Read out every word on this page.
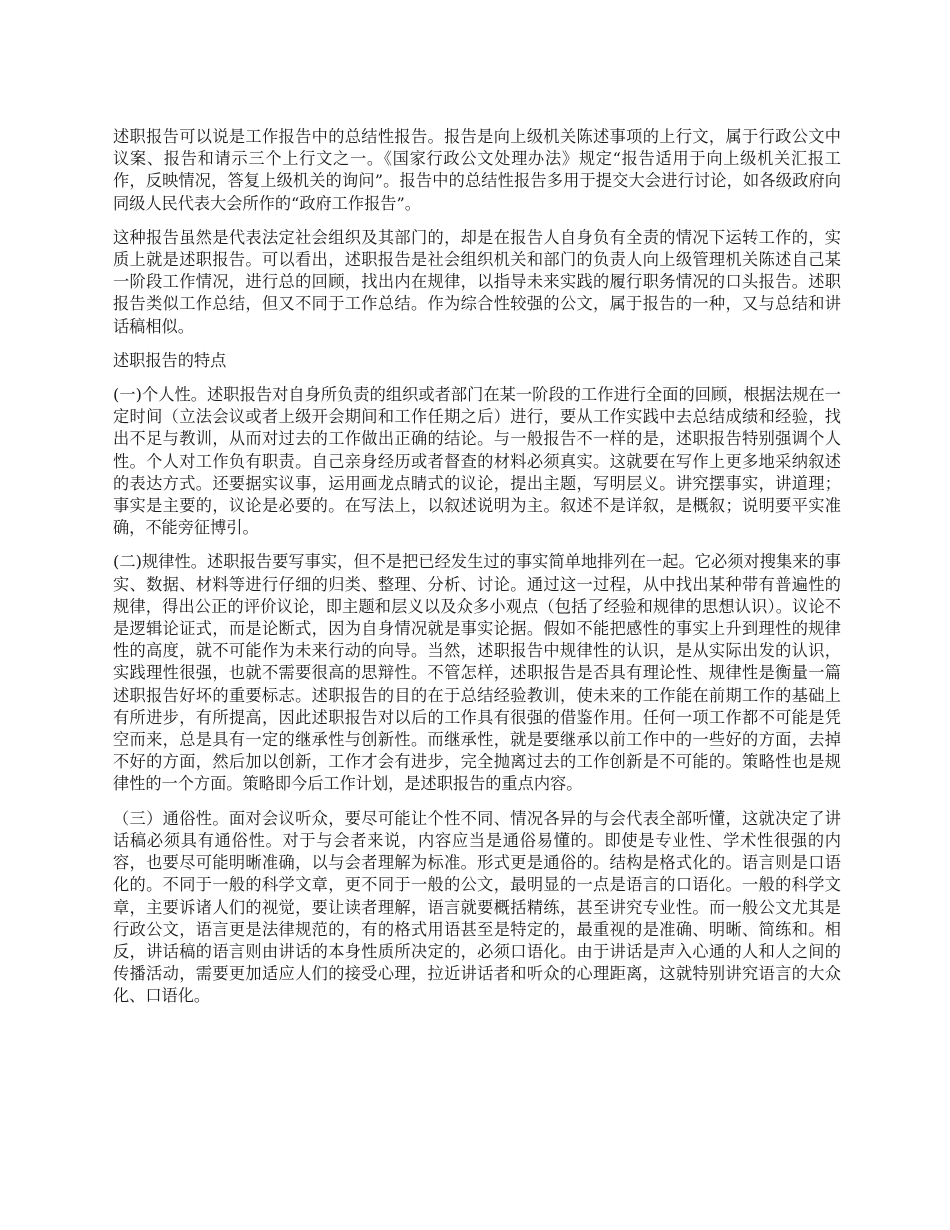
述职报告可以说是工作报告中的总结性报告。报告是向上级机关陈述事项的上行文，属于行政公文中议案、报告和请示三个上行文之一。《国家行政公文处理办法》规定“报告适用于向上级机关汇报工作，反映情况，答复上级机关的询问”。报告中的总结性报告多用于提交大会进行讨论，如各级政府向同级人民代表大会所作的“政府工作报告”。

这种报告虽然是代表法定社会组织及其部门的，却是在报告人自身负有全责的情况下运转工作的，实质上就是述职报告。可以看出，述职报告是社会组织机关和部门的负责人向上级管理机关陈述自己某一阶段工作情况，进行总的回顾，找出内在规律，以指导未来实践的履行职务情况的口头报告。述职报告类似工作总结，但又不同于工作总结。作为综合性较强的公文，属于报告的一种，又与总结和讲话稿相似。

述职报告的特点

(一)个人性。述职报告对自身所负责的组织或者部门在某一阶段的工作进行全面的回顾，根据法规在一定时间（立法会议或者上级开会期间和工作任期之后）进行，要从工作实践中去总结成绩和经验，找出不足与教训，从而对过去的工作做出正确的结论。与一般报告不一样的是，述职报告特别强调个人性。个人对工作负有职责。自己亲身经历或者督查的材料必须真实。这就要在写作上更多地采纳叙述的表达方式。还要据实议事，运用画龙点睛式的议论，提出主题，写明层义。讲究摆事实，讲道理；事实是主要的，议论是必要的。在写法上，以叙述说明为主。叙述不是详叙，是概叙；说明要平实准确，不能旁征博引。

(二)规律性。述职报告要写事实，但不是把已经发生过的事实简单地排列在一起。它必须对搜集来的事实、数据、材料等进行仔细的归类、整理、分析、讨论。通过这一过程，从中找出某种带有普遍性的规律，得出公正的评价议论，即主题和层义以及众多小观点（包括了经验和规律的思想认识）。议论不是逻辑论证式，而是论断式，因为自身情况就是事实论据。假如不能把感性的事实上升到理性的规律性的高度，就不可能作为未来行动的向导。当然，述职报告中规律性的认识，是从实际出发的认识，实践理性很强，也就不需要很高的思辩性。不管怎样，述职报告是否具有理论性、规律性是衡量一篇述职报告好坏的重要标志。述职报告的目的在于总结经验教训，使未来的工作能在前期工作的基础上有所进步，有所提高，因此述职报告对以后的工作具有很强的借鉴作用。任何一项工作都不可能是凭空而来，总是具有一定的继承性与创新性。而继承性，就是要继承以前工作中的一些好的方面，去掉不好的方面，然后加以创新，工作才会有进步，完全抛离过去的工作创新是不可能的。策略性也是规律性的一个方面。策略即今后工作计划，是述职报告的重点内容。

（三）通俗性。面对会议听众，要尽可能让个性不同、情况各异的与会代表全部听懂，这就决定了讲话稿必须具有通俗性。对于与会者来说，内容应当是通俗易懂的。即使是专业性、学术性很强的内容，也要尽可能明晰准确，以与会者理解为标准。形式更是通俗的。结构是格式化的。语言则是口语化的。不同于一般的科学文章，更不同于一般的公文，最明显的一点是语言的口语化。一般的科学文章，主要诉诸人们的视觉，要让读者理解，语言就要概括精练，甚至讲究专业性。而一般公文尤其是行政公文，语言更是法律规范的，有的格式用语甚至是特定的，最重视的是准确、明晰、简练和。相反，讲话稿的语言则由讲话的本身性质所决定的，必须口语化。由于讲话是声入心通的人和人之间的传播活动，需要更加适应人们的接受心理，拉近讲话者和听众的心理距离，这就特别讲究语言的大众化、口语化。
